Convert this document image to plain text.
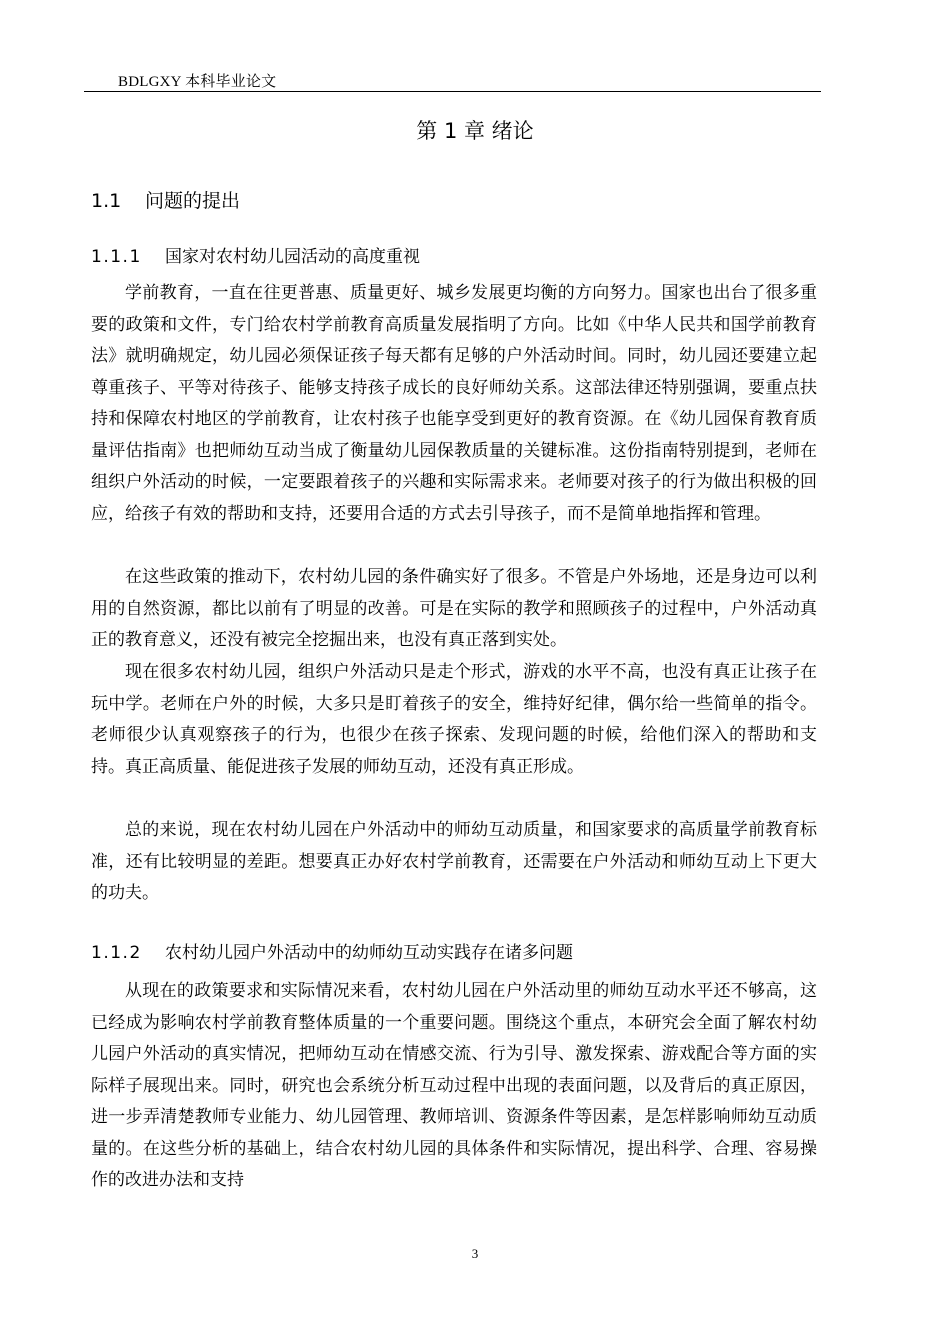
BDLGXY 本科毕业论文
第 1 章 绪论
1.1 问题的提出
1.1.1 国家对农村幼儿园活动的高度重视

学前教育，一直在往更普惠、质量更好、城乡发展更均衡的方向努力。国家也出台了很多重要的政策和文件，专门给农村学前教育高质量发展指明了方向。比如《中华人民共和国学前教育法》就明确规定，幼儿园必须保证孩子每天都有足够的户外活动时间。同时，幼儿园还要建立起尊重孩子、平等对待孩子、能够支持孩子成长的良好师幼关系。这部法律还特别强调，要重点扶持和保障农村地区的学前教育，让农村孩子也能享受到更好的教育资源。在《幼儿园保育教育质量评估指南》也把师幼互动当成了衡量幼儿园保教质量的关键标准。这份指南特别提到，老师在组织户外活动的时候，一定要跟着孩子的兴趣和实际需求来。老师要对孩子的行为做出积极的回应，给孩子有效的帮助和支持，还要用合适的方式去引导孩子，而不是简单地指挥和管理。

在这些政策的推动下，农村幼儿园的条件确实好了很多。不管是户外场地，还是身边可以利用的自然资源，都比以前有了明显的改善。可是在实际的教学和照顾孩子的过程中，户外活动真正的教育意义，还没有被完全挖掘出来，也没有真正落到实处。

现在很多农村幼儿园，组织户外活动只是走个形式，游戏的水平不高，也没有真正让孩子在玩中学。老师在户外的时候，大多只是盯着孩子的安全，维持好纪律，偶尔给一些简单的指令。老师很少认真观察孩子的行为，也很少在孩子探索、发现问题的时候，给他们深入的帮助和支持。真正高质量、能促进孩子发展的师幼互动，还没有真正形成。

总的来说，现在农村幼儿园在户外活动中的师幼互动质量，和国家要求的高质量学前教育标准，还有比较明显的差距。想要真正办好农村学前教育，还需要在户外活动和师幼互动上下更大的功夫。

1.1.2 农村幼儿园户外活动中的幼师幼互动实践存在诸多问题

从现在的政策要求和实际情况来看，农村幼儿园在户外活动里的师幼互动水平还不够高，这已经成为影响农村学前教育整体质量的一个重要问题。围绕这个重点，本研究会全面了解农村幼儿园户外活动的真实情况，把师幼互动在情感交流、行为引导、激发探索、游戏配合等方面的实际样子展现出来。同时，研究也会系统分析互动过程中出现的表面问题，以及背后的真正原因，进一步弄清楚教师专业能力、幼儿园管理、教师培训、资源条件等因素，是怎样影响师幼互动质量的。在这些分析的基础上，结合农村幼儿园的具体条件和实际情况，提出科学、合理、容易操作的改进办法和支持

3
